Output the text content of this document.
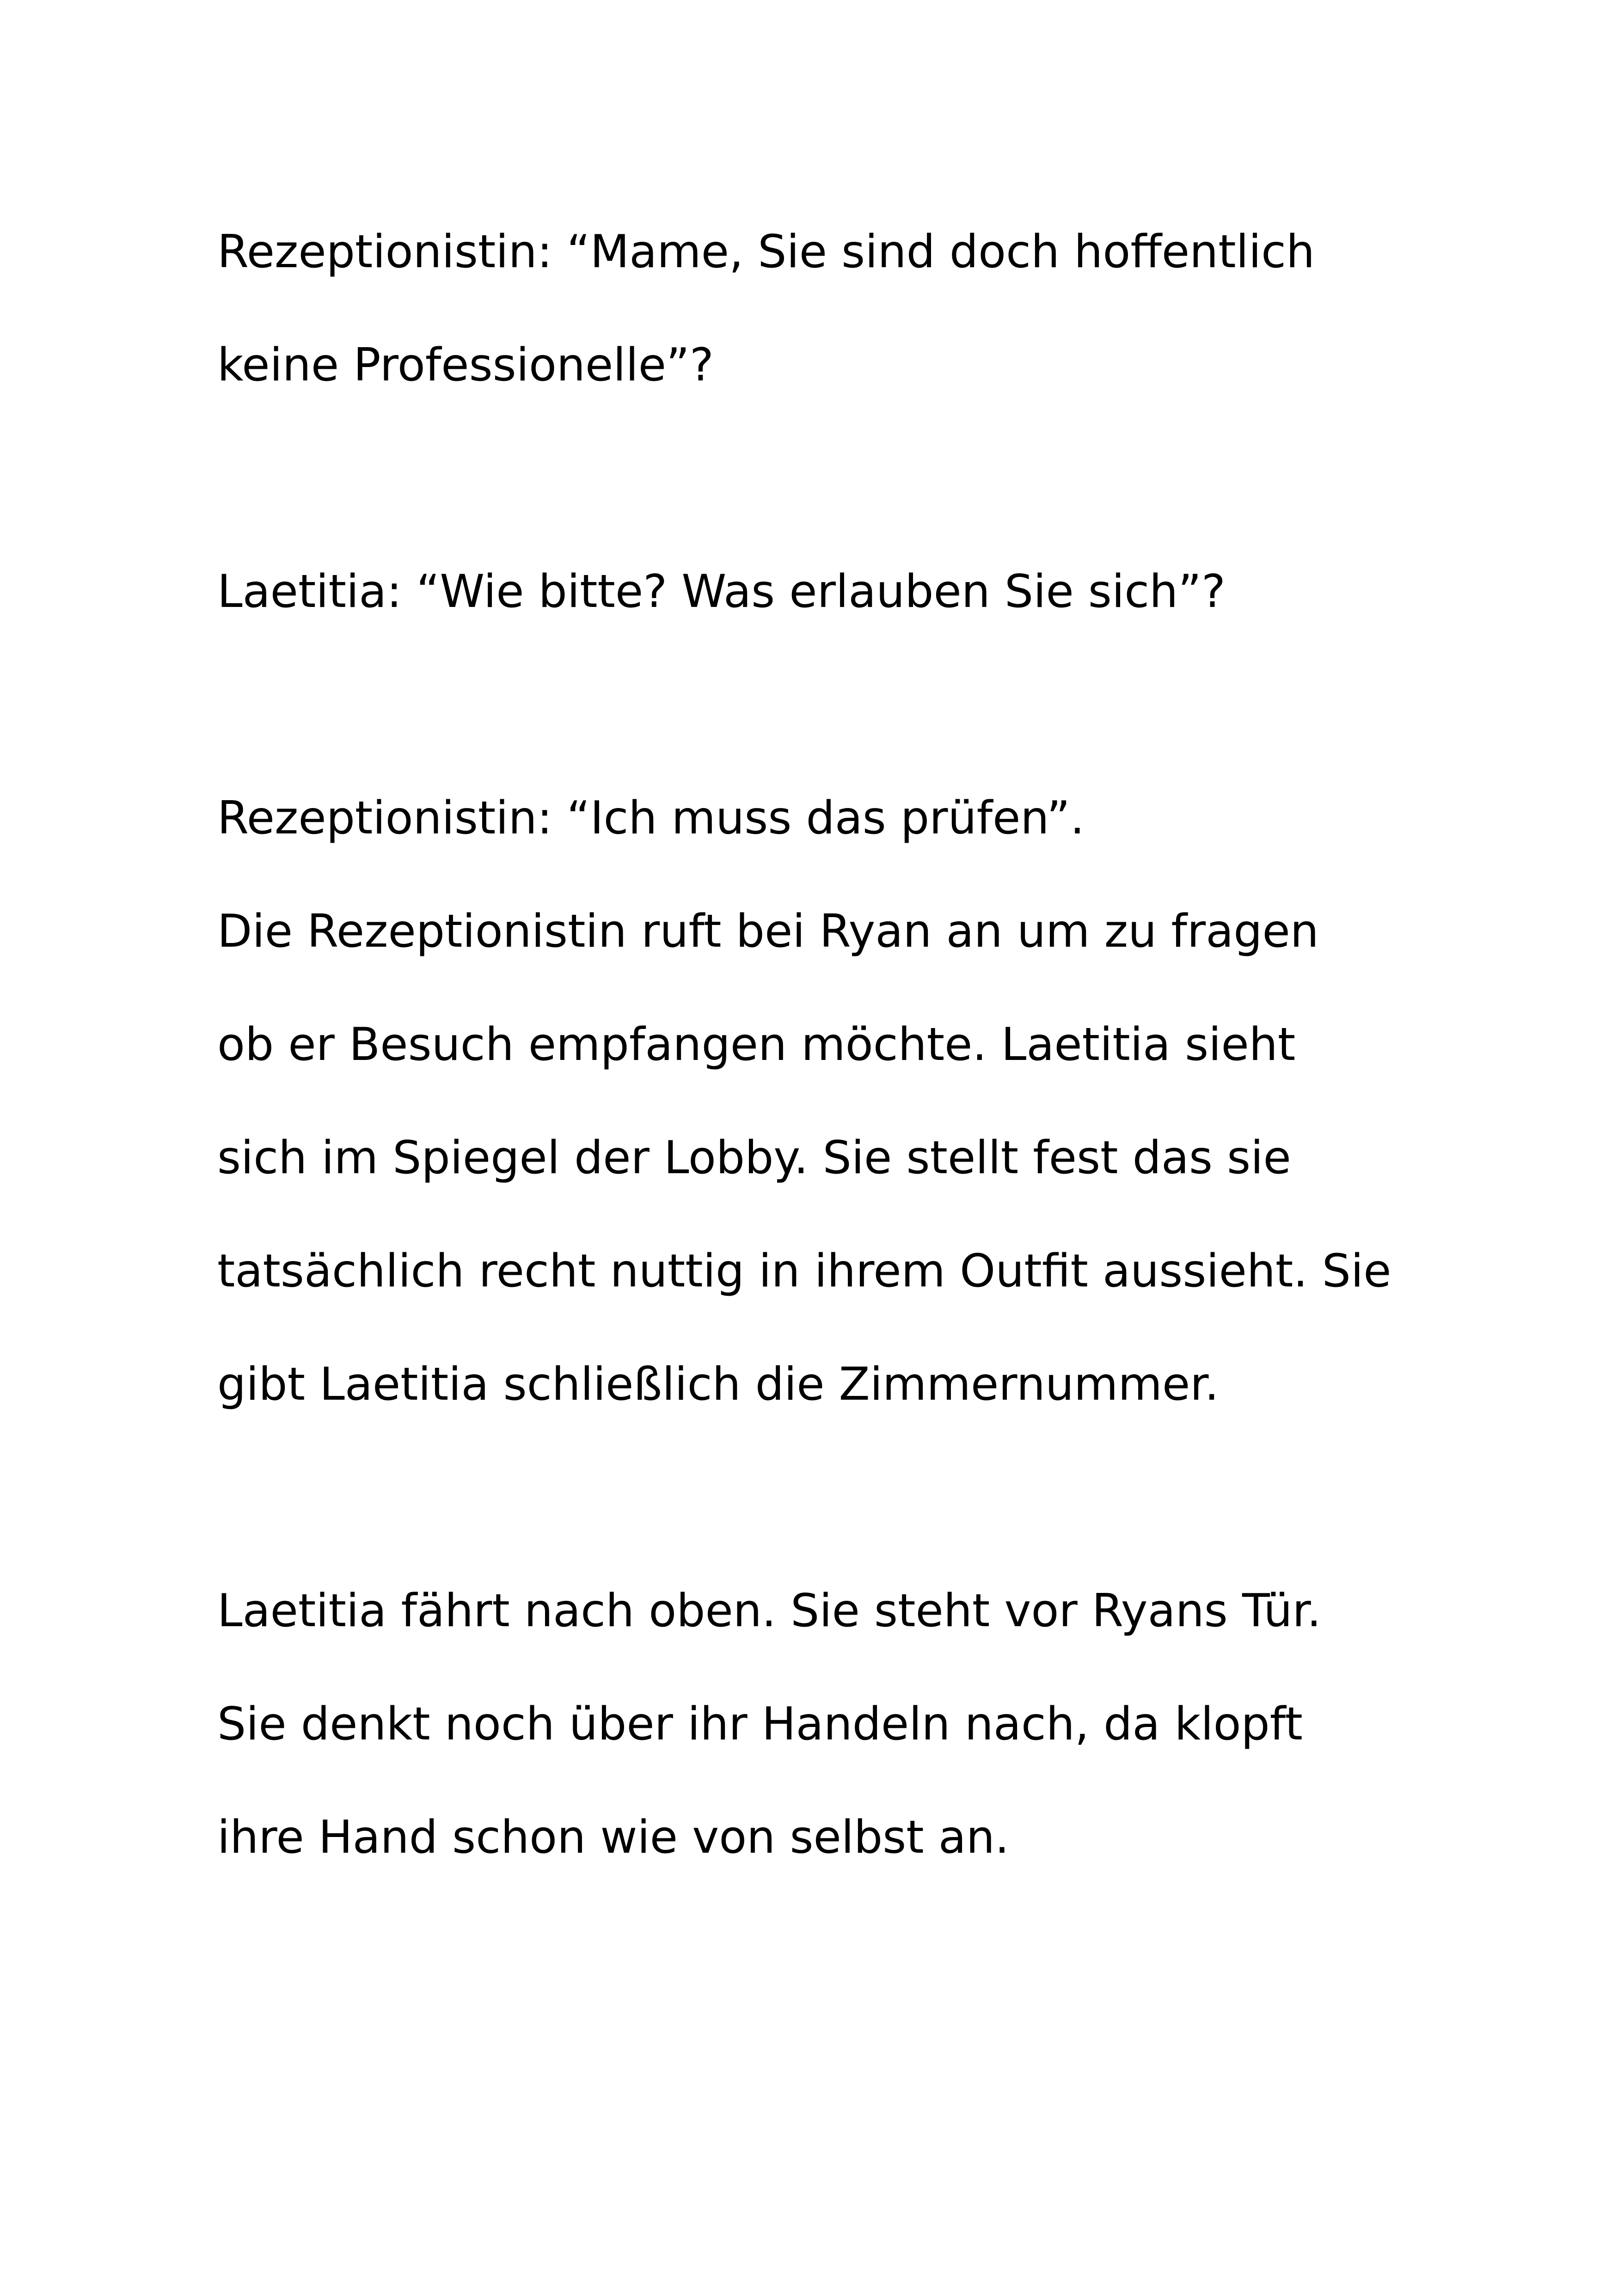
Rezeptionistin: “Mame, Sie sind doch hoffentlich

keine Professionelle”?

Laetitia: “Wie bitte? Was erlauben Sie sich”?

Rezeptionistin: “Ich muss das prüfen”.

Die Rezeptionistin ruft bei Ryan an um zu fragen

ob er Besuch empfangen möchte. Laetitia sieht

sich im Spiegel der Lobby. Sie stellt fest das sie

tatsächlich recht nuttig in ihrem Outfit aussieht. Sie

gibt Laetitia schließlich die Zimmernummer.

Laetitia fährt nach oben. Sie steht vor Ryans Tür.

Sie denkt noch über ihr Handeln nach, da klopft

ihre Hand schon wie von selbst an.
